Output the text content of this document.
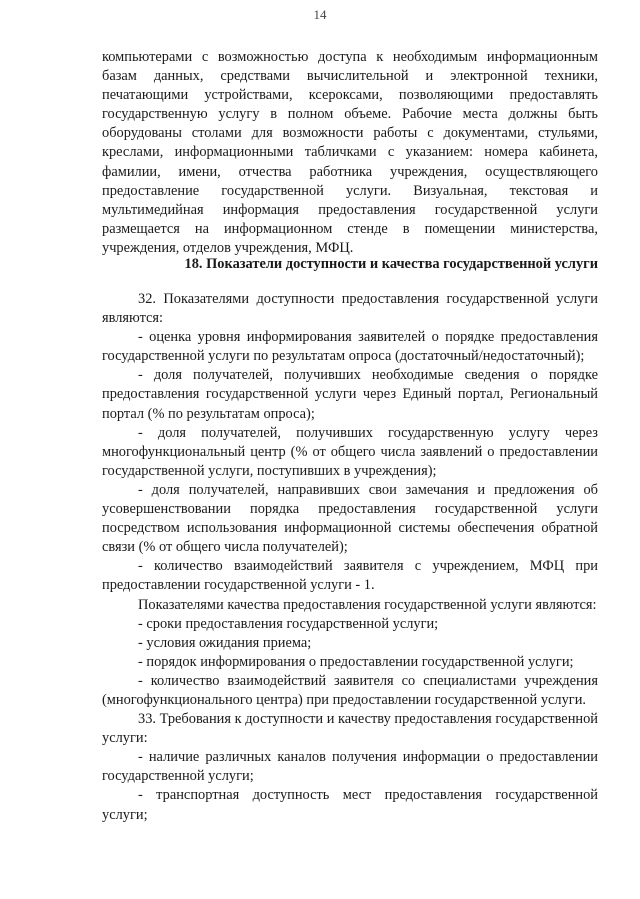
14

компьютерами с возможностью доступа к необходимым информационным базам данных, средствами вычислительной и электронной техники, печатающими устройствами, ксероксами, позволяющими предоставлять государственную услугу в полном объеме. Рабочие места должны быть оборудованы столами для возможности работы с документами, стульями, креслами, информационными табличками с указанием: номера кабинета, фамилии, имени, отчества работника учреждения, осуществляющего предоставление государственной услуги. Визуальная, текстовая и мультимедийная информация предоставления государственной услуги размещается на информационном стенде в помещении министерства, учреждения, отделов учреждения, МФЦ.

18. Показатели доступности и качества государственной услуги

32. Показателями доступности предоставления государственной услуги являются:

- оценка уровня информирования заявителей о порядке предоставления государственной услуги по результатам опроса (достаточный/недостаточный);

- доля получателей, получивших необходимые сведения о порядке предоставления государственной услуги через Единый портал, Региональный портал (% по результатам опроса);

- доля получателей, получивших государственную услугу через многофункциональный центр (% от общего числа заявлений о предоставлении государственной услуги, поступивших в учреждения);

- доля получателей, направивших свои замечания и предложения об усовершенствовании порядка предоставления государственной услуги посредством использования информационной системы обеспечения обратной связи (% от общего числа получателей);

- количество взаимодействий заявителя с учреждением, МФЦ при предоставлении государственной услуги - 1.

Показателями качества предоставления государственной услуги являются:

- сроки предоставления государственной услуги;

- условия ожидания приема;

- порядок информирования о предоставлении государственной услуги;

- количество взаимодействий заявителя со специалистами учреждения (многофункционального центра) при предоставлении государственной услуги.

33. Требования к доступности и качеству предоставления государственной услуги:

- наличие различных каналов получения информации о предоставлении государственной услуги;

- транспортная доступность мест предоставления государственной услуги;
